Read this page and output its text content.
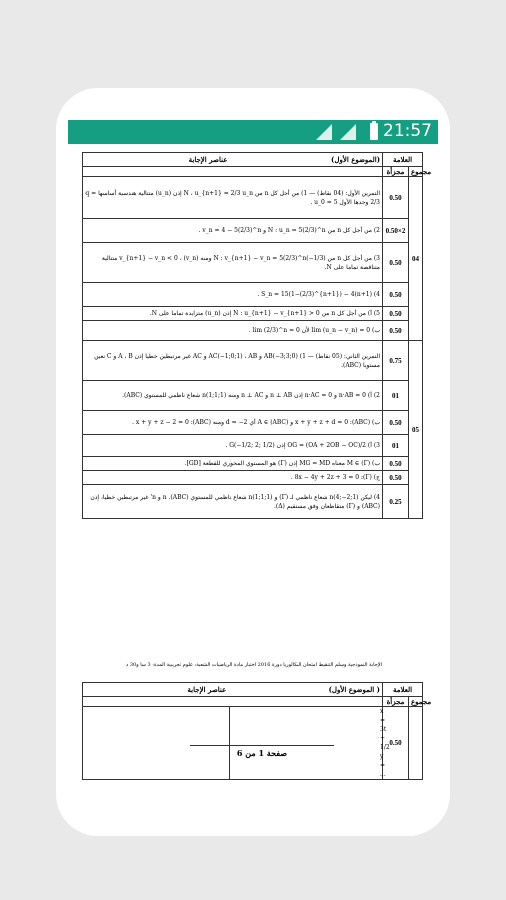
21:57
(الموضوع الأول)
عناصر الإجابة	العلامة	
	مجزأة	مجموع
التمرين الأول: (04 نقاط) — 1) من أجل كل n من N ، u_{n+1} = 2/3 u_n إذن (u_n) متتالية هندسية أساسها q = 2/3 وحدها الأول u_0 = 5 .	0.50	04
2) من أجل كل n من N : u_n = 5(2/3)^n و v_n = 4 − 5(2/3)^n .	0.50×2	
3) من أجل كل n من N : v_{n+1} − v_n = 5(2/3)^n(−1/3) ومنه v_{n+1} − v_n < 0 ، (v_n) متتالية متناقصة تماما على N.	0.50	
4) S_n = 15(1−(2/3)^{n+1}) − 4(n+1) .	0.50	
5) أ) من أجل كل n من N : u_{n+1} − v_{n+1} > 0 إذن (u_n) متزايدة تماما على N.	0.50	
ب) lim (u_n − v_n) = 0 لأن lim (2/3)^n = 0 .	0.50	
التمرين الثاني: (05 نقاط) — 1) AB(−3;3;0) و AC(−1;0;1) ، AB و AC غير مرتبطين خطيا إذن A ، B و C تعين مستويا (ABC).	0.75	05
2) أ) n·AB = 0 و n·AC = 0 إذن n ⊥ AB و n ⊥ AC ومنه n(1;1;1) شعاع ناظمي للمستوي (ABC).	01	
ب) (ABC): x + y + z + d = 0 و A ∈ (ABC) أي d = −2 ومنه (ABC): x + y + z − 2 = 0 .	0.50	
3) أ) OG = (OA + 2OB − OC)/2 إذن G(−1/2; 2; 1/2) .	01	
ب) M ∈ (Γ) معناه MG = MD إذن (Γ) هو المستوي المحوري للقطعة [GD].	0.50	
ج) (Γ): 8x − 4y + 2z + 3 = 0 .	0.50	
4) ليكن n(4;−2;1) شعاع ناظمي لـ (Γ) و n(1;1;1) شعاع ناظمي للمستوي (ABC). n و n' غير مرتبطين خطيا، إذن (ABC) و (Γ) متقاطعان وفق مستقيم (Δ).	0.25	
صفحة 1 من 6
الإجابة النموذجية وسلم التنقيط امتحان البكالوريا دورة 2016 اختبار مادة الرياضيات الشعبة: علوم تجريبية المدة: 3 سا و30 د
(الموضوع الأول )
عناصر الإجابة	العلامة	
	مجزأة	مجموع

x = 3t + 1/2
y = ...	0.50	
